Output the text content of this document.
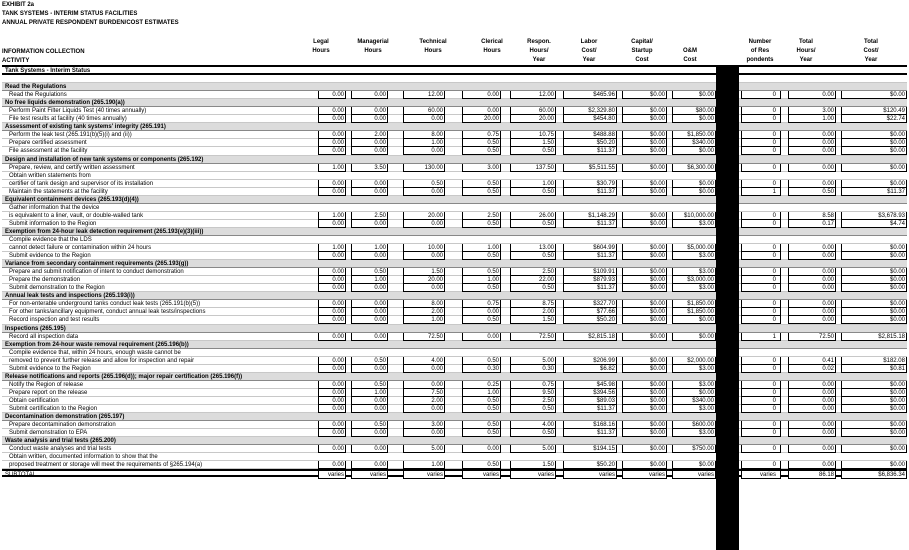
EXHIBIT 2a
TANK SYSTEMS - INTERIM STATUS FACILITIES
ANNUAL PRIVATE RESPONDENT BURDEN/COST ESTIMATES
INFORMATION COLLECTION
ACTIVITY
Legal
Hours
Managerial
Hours
Technical
Hours
Clerical
Hours
Respon.
Hours/
Year
Labor
Cost/
Year
Capital/
Startup
Cost
O&M
Cost
Number
of Res
pondents
Total
Hours/
Year
Total
Cost/
Year
Tank Systems - Interim Status
Read the Regulations
Read the Regulations	0.00	0.00	12.00	0.00	12.00	$465.96	$0.00	$0.00	0	0.00	$0.00
No free liquids demonstration (265.190(a))
Perform Paint Filter Liquids Test (40 times annually)	0.00	0.00	60.00	0.00	60.00	$2,329.80	$0.00	$80.00	0	3.00	$120.49
File test results at facility (40 times annually)	0.00	0.00	0.00	20.00	20.00	$454.80	$0.00	$0.00	0	1.00	$22.74
Assessment of existing tank systems' integrity (265.191)
Perform the leak test (265.191(b)(5)(i) and (ii))	0.00	2.00	8.00	0.75	10.75	$488.88	$0.00	$1,850.00	0	0.00	$0.00
Prepare certified assessment	0.00	0.00	1.00	0.50	1.50	$50.20	$0.00	$340.00	0	0.00	$0.00
File assessment at the facility	0.00	0.00	0.00	0.50	0.50	$11.37	$0.00	$0.00	0	0.00	$0.00
Design and installation of new tank systems or components (265.192)
Prepare, review, and certify written assessment	1.00	3.50	130.00	3.00	137.50	$5,511.55	$0.00	$6,300.00	0	0.00	$0.00
Obtain written statements from
certifier of tank design and supervisor of its installation	0.00	0.00	0.50	0.50	1.00	$30.79	$0.00	$0.00	0	0.00	$0.00
Maintain the statements at the facility	0.00	0.00	0.00	0.50	0.50	$11.37	$0.00	$0.00	1	0.50	$11.37
Equivalent containment devices (265.193(d)(4))
Gather information that the device
is equivalent to a liner, vault, or double-walled tank	1.00	2.50	20.00	2.50	26.00	$1,148.29	$0.00	$10,000.00	0	8.58	$3,678.93
Submit information to the Region	0.00	0.00	0.00	0.50	0.50	$11.37	$0.00	$3.00	0	0.17	$4.74
Exemption from 24-hour leak detection requirement (265.193(e)(3)(iii))
Compile evidence that the LDS
cannot detect failure or contamination within 24 hours	1.00	1.00	10.00	1.00	13.00	$604.99	$0.00	$5,000.00	0	0.00	$0.00
Submit evidence to the Region	0.00	0.00	0.00	0.50	0.50	$11.37	$0.00	$3.00	0	0.00	$0.00
Variance from secondary containment requirements (265.193(g))
Prepare and submit notification of intent to conduct demonstration	0.00	0.50	1.50	0.50	2.50	$109.91	$0.00	$3.00	0	0.00	$0.00
Prepare the demonstration	0.00	1.00	20.00	1.00	22.00	$879.93	$0.00	$3,000.00	0	0.00	$0.00
Submit demonstration to the Region	0.00	0.00	0.00	0.50	0.50	$11.37	$0.00	$3.00	0	0.00	$0.00
Annual leak tests and inspections (265.193(i))
For non-enterable underground tanks conduct leak tests (265.191(b)(5))	0.00	0.00	8.00	0.75	8.75	$327.70	$0.00	$1,850.00	0	0.00	$0.00
For other tanks/ancillary equipment, conduct annual leak tests/inspections	0.00	0.00	2.00	0.00	2.00	$77.66	$0.00	$1,850.00	0	0.00	$0.00
Record inspection and test results	0.00	0.00	1.00	0.50	1.50	$50.20	$0.00	$0.00	0	0.00	$0.00
Inspections (265.195)
Record all inspection data	0.00	0.00	72.50	0.00	72.50	$2,815.18	$0.00	$0.00	1	72.50	$2,815.18
Exemption from 24-hour waste removal requirement (265.196(b))
Compile evidence that, within 24 hours, enough waste cannot be
removed to prevent further release and allow for inspection and repair	0.00	0.50	4.00	0.50	5.00	$206.99	$0.00	$2,000.00	0	0.41	$182.08
Submit evidence to the Region	0.00	0.00	0.00	0.30	0.30	$6.82	$0.00	$3.00	0	0.02	$0.81
Release notifications and reports (265.196(d)); major repair certification (265.196(f))
Notify the Region of release	0.00	0.50	0.00	0.25	0.75	$45.98	$0.00	$3.00	0	0.00	$0.00
Prepare report on the release	0.00	1.00	7.50	1.00	9.50	$394.56	$0.00	$0.00	0	0.00	$0.00
Obtain certification	0.00	0.00	2.00	0.50	2.50	$89.03	$0.00	$340.00	0	0.00	$0.00
Submit certification to the Region	0.00	0.00	0.00	0.50	0.50	$11.37	$0.00	$3.00	0	0.00	$0.00
Decontamination demonstration (265.197)
Prepare decontamination demonstration	0.00	0.50	3.00	0.50	4.00	$168.16	$0.00	$600.00	0	0.00	$0.00
Submit demonstration to EPA	0.00	0.00	0.00	0.50	0.50	$11.37	$0.00	$3.00	0	0.00	$0.00
Waste analysis and trial tests (265.200)
Conduct waste analyses and trial tests	0.00	0.00	5.00	0.00	5.00	$194.15	$0.00	$750.00	0	0.00	$0.00
Obtain written, documented information to show that the
proposed treatment or storage will meet the requirements of §265.194(a)	0.00	0.00	1.00	0.50	1.50	$50.20	$0.00	$0.00	0	0.00	$0.00
SUBTOTAL	varies	varies	varies	varies	varies	varies	varies	varies	varies	86.18	$6,836.34
